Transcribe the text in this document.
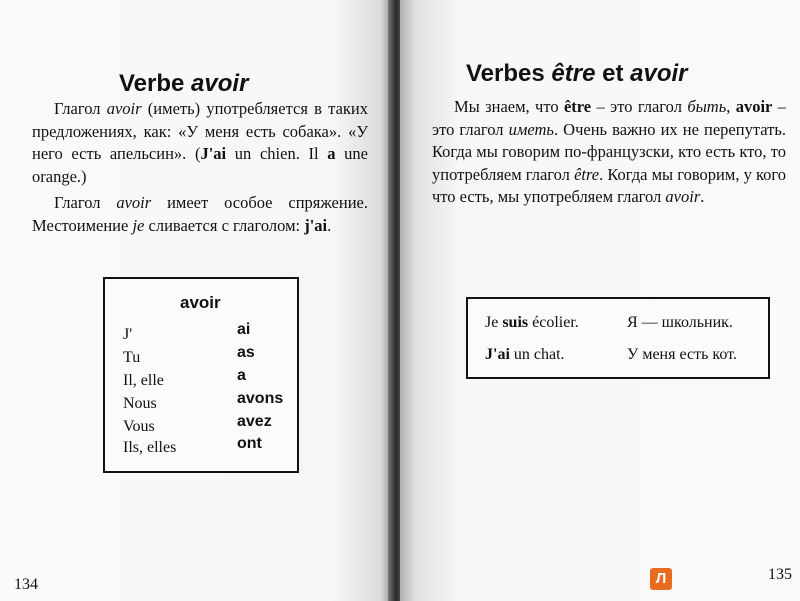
Verbe avoir
Глагол avoir (иметь) употребляется в таких предложениях, как: «У меня есть собака». «У него есть апельсин». (J'ai un chien. Il a une orange.)
Глагол avoir имеет особое спряжение. Местоимение je сливается с глаголом: j'ai.
avoir
J'	ai
Tu	as
Il, elle	a
Nous	avons
Vous	avez
Ils, elles	ont
134
Verbes être et avoir
Мы знаем, что être – это глагол быть, avoir – это глагол иметь. Очень важно их не перепутать. Когда мы говорим по-французски, кто есть кто, то употребляем глагол être. Когда мы говорим, у кого что есть, мы употребляем глагол avoir.
Je suis écolier.	Я — школьник.
J'ai un chat.	У меня есть кот.
Л	135
